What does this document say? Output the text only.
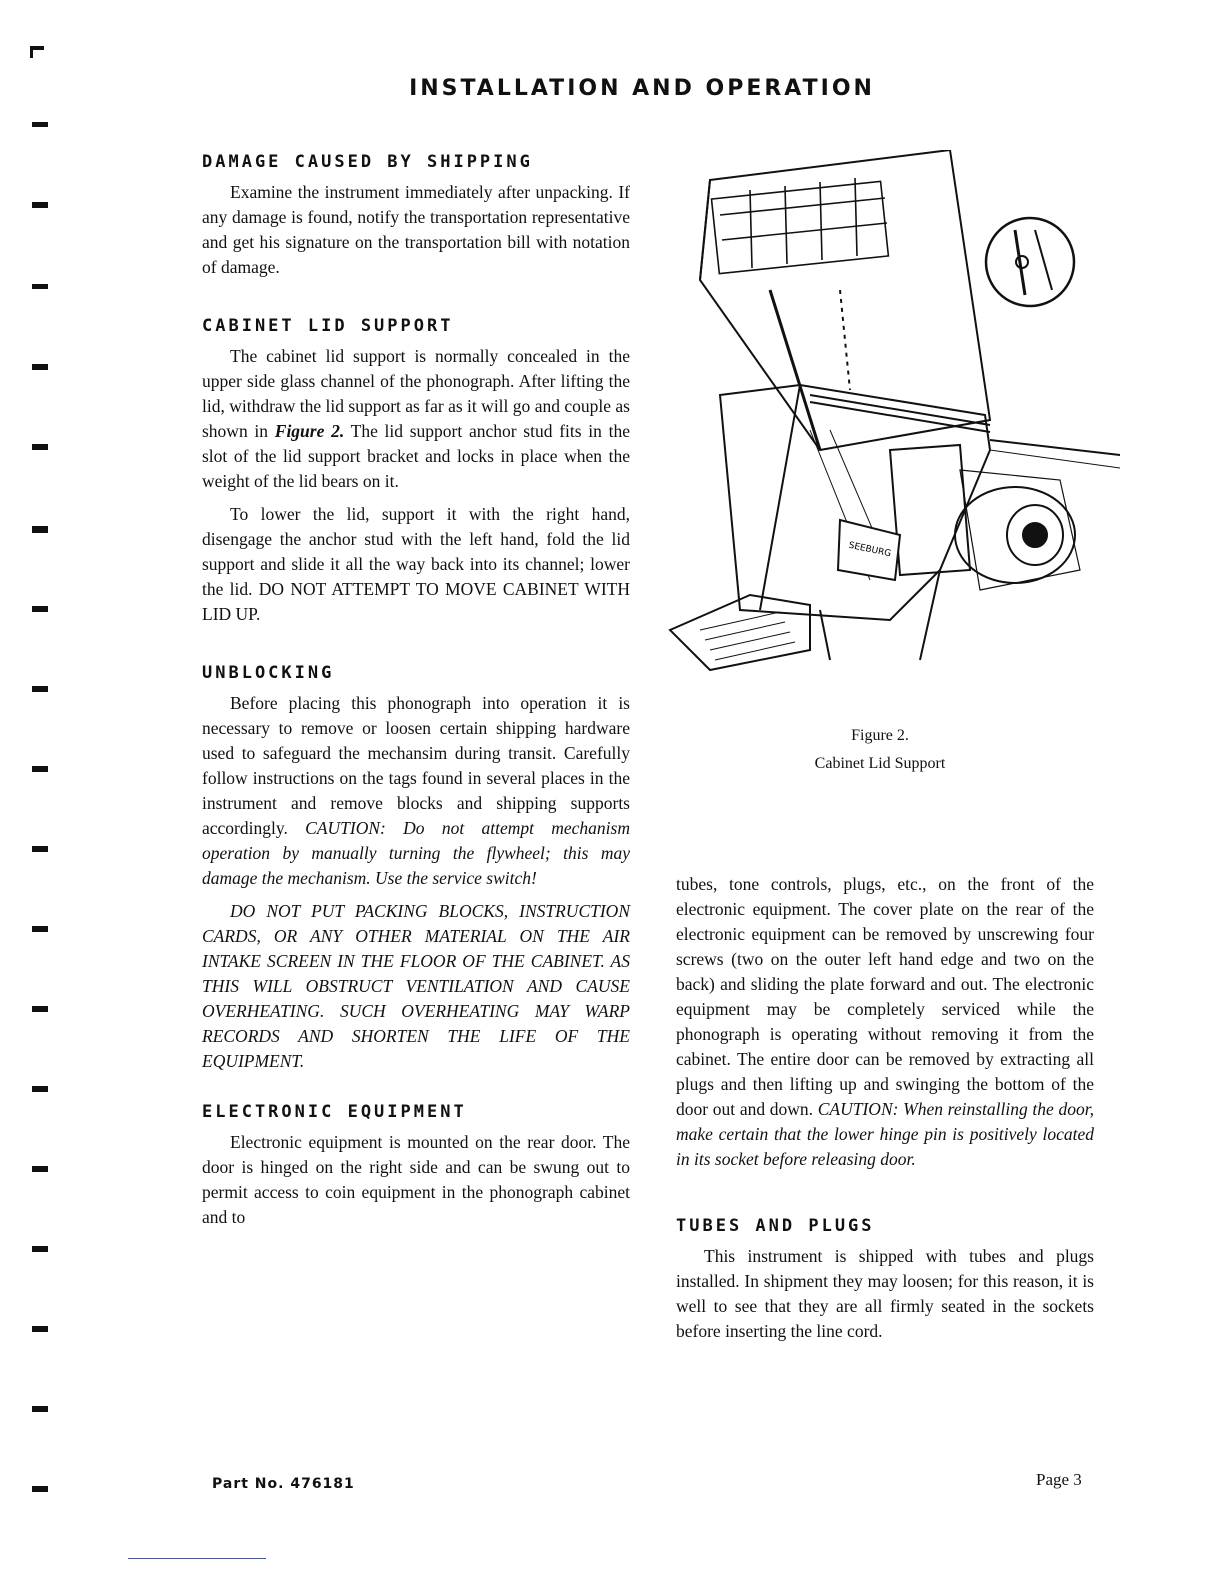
INSTALLATION AND OPERATION
DAMAGE CAUSED BY SHIPPING

Examine the instrument immediately after unpacking. If any damage is found, notify the transportation representative and get his signature on the transportation bill with notation of damage.

CABINET LID SUPPORT

The cabinet lid support is normally concealed in the upper side glass channel of the phonograph. After lifting the lid, withdraw the lid support as far as it will go and couple as shown in Figure 2. The lid support anchor stud fits in the slot of the lid support bracket and locks in place when the weight of the lid bears on it.

To lower the lid, support it with the right hand, disengage the anchor stud with the left hand, fold the lid support and slide it all the way back into its channel; lower the lid. DO NOT ATTEMPT TO MOVE CABINET WITH LID UP.

UNBLOCKING

Before placing this phonograph into operation it is necessary to remove or loosen certain shipping hardware used to safeguard the mechansim during transit. Carefully follow instructions on the tags found in several places in the instrument and remove blocks and shipping supports accordingly. CAUTION: Do not attempt mechanism operation by manually turning the flywheel; this may damage the mechanism. Use the service switch!

DO NOT PUT PACKING BLOCKS, INSTRUCTION CARDS, OR ANY OTHER MATERIAL ON THE AIR INTAKE SCREEN IN THE FLOOR OF THE CABINET. AS THIS WILL OBSTRUCT VENTILATION AND CAUSE OVERHEATING. SUCH OVERHEATING MAY WARP RECORDS AND SHORTEN THE LIFE OF THE EQUIPMENT.

ELECTRONIC EQUIPMENT

Electronic equipment is mounted on the rear door. The door is hinged on the right side and can be swung out to permit access to coin equipment in the phonograph cabinet and to

SEEBURG
Figure 2.
Cabinet Lid Support

tubes, tone controls, plugs, etc., on the front of the electronic equipment. The cover plate on the rear of the electronic equipment can be removed by unscrewing four screws (two on the outer left hand edge and two on the back) and sliding the plate forward and out. The electronic equipment may be completely serviced while the phonograph is operating without removing it from the cabinet. The entire door can be removed by extracting all plugs and then lifting up and swinging the bottom of the door out and down. CAUTION: When reinstalling the door, make certain that the lower hinge pin is positively located in its socket before releasing door.

TUBES AND PLUGS

This instrument is shipped with tubes and plugs installed. In shipment they may loosen; for this reason, it is well to see that they are all firmly seated in the sockets before inserting the line cord.

Part No. 476181	Page 3
